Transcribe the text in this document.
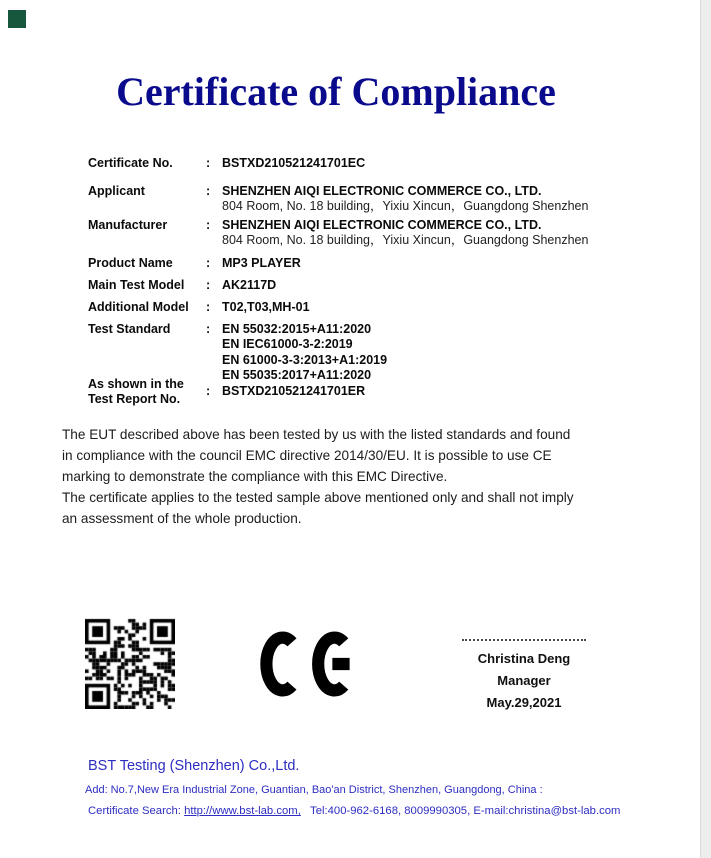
Certificate of Compliance
Certificate No.	: BSTXD210521241701EC
Applicant	: SHENZHEN AIQI ELECTRONIC COMMERCE CO., LTD.
804 Room, No. 18 building，Yixiu Xincun，Guangdong Shenzhen
Manufacturer	: SHENZHEN AIQI ELECTRONIC COMMERCE CO., LTD.
804 Room, No. 18 building，Yixiu Xincun，Guangdong Shenzhen
Product Name	: MP3 PLAYER
Main Test Model	: AK2117D
Additional Model	: T02,T03,MH-01
Test Standard	: EN 55032:2015+A11:2020
EN IEC61000-3-2:2019
EN 61000-3-3:2013+A1:2019
EN 55035:2017+A11:2020
As shown in the
Test Report No.
: BSTXD210521241701ER
The EUT described above has been tested by us with the listed standards and found
in compliance with the council EMC directive 2014/30/EU. It is possible to use CE
marking to demonstrate the compliance with this EMC Directive.
The certificate applies to the tested sample above mentioned only and shall not imply
an assessment of the whole production.
Christina Deng
Manager
May.29,2021
BST Testing (Shenzhen) Co.,Ltd.
Add: No.7,New Era Industrial Zone, Guantian, Bao'an District, Shenzhen, Guangdong, China :
Certificate Search: http://www.bst-lab.com,   Tel:400-962-6168, 8009990305, E-mail:christina@bst-lab.com
